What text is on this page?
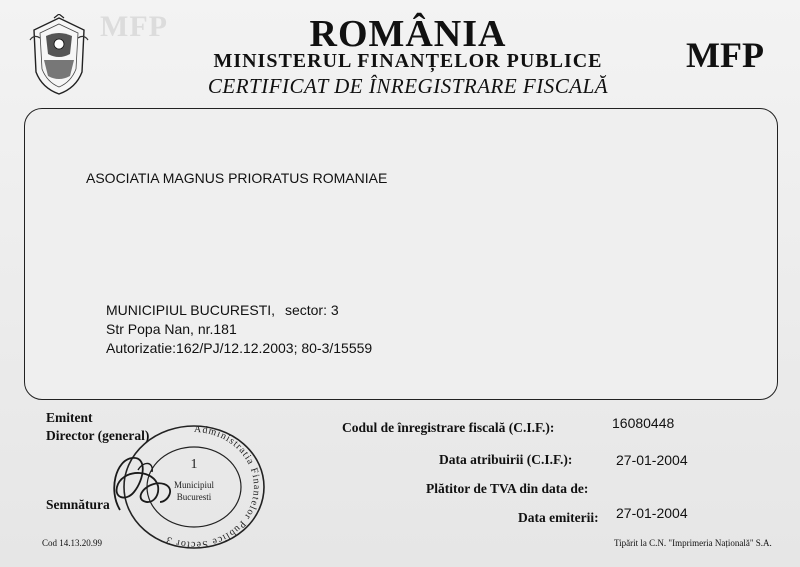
MFP	ROMÂNIA
MINISTERUL FINANȚELOR PUBLICE
CERTIFICAT DE ÎNREGISTRARE FISCALĂ
MFP
ASOCIATIA MAGNUS PRIORATUS ROMANIAE
MUNICIPIUL BUCURESTI, sector: 3
Str Popa Nan, nr.181
Autorizatie:162/PJ/12.12.2003; 80-3/15559
Emitent
Director (general)
Semnătura
Cod 14.13.20.99
Administratia Finantelor Publice Sector 3
1
Municipiul
Bucuresti
Codul de înregistrare fiscală (C.I.F.):	16080448
Data atribuirii (C.I.F.):	27-01-2004
Plătitor de TVA din data de:
Data emiterii: 27-01-2004
Tipărit la C.N. "Imprimeria Națională" S.A.
